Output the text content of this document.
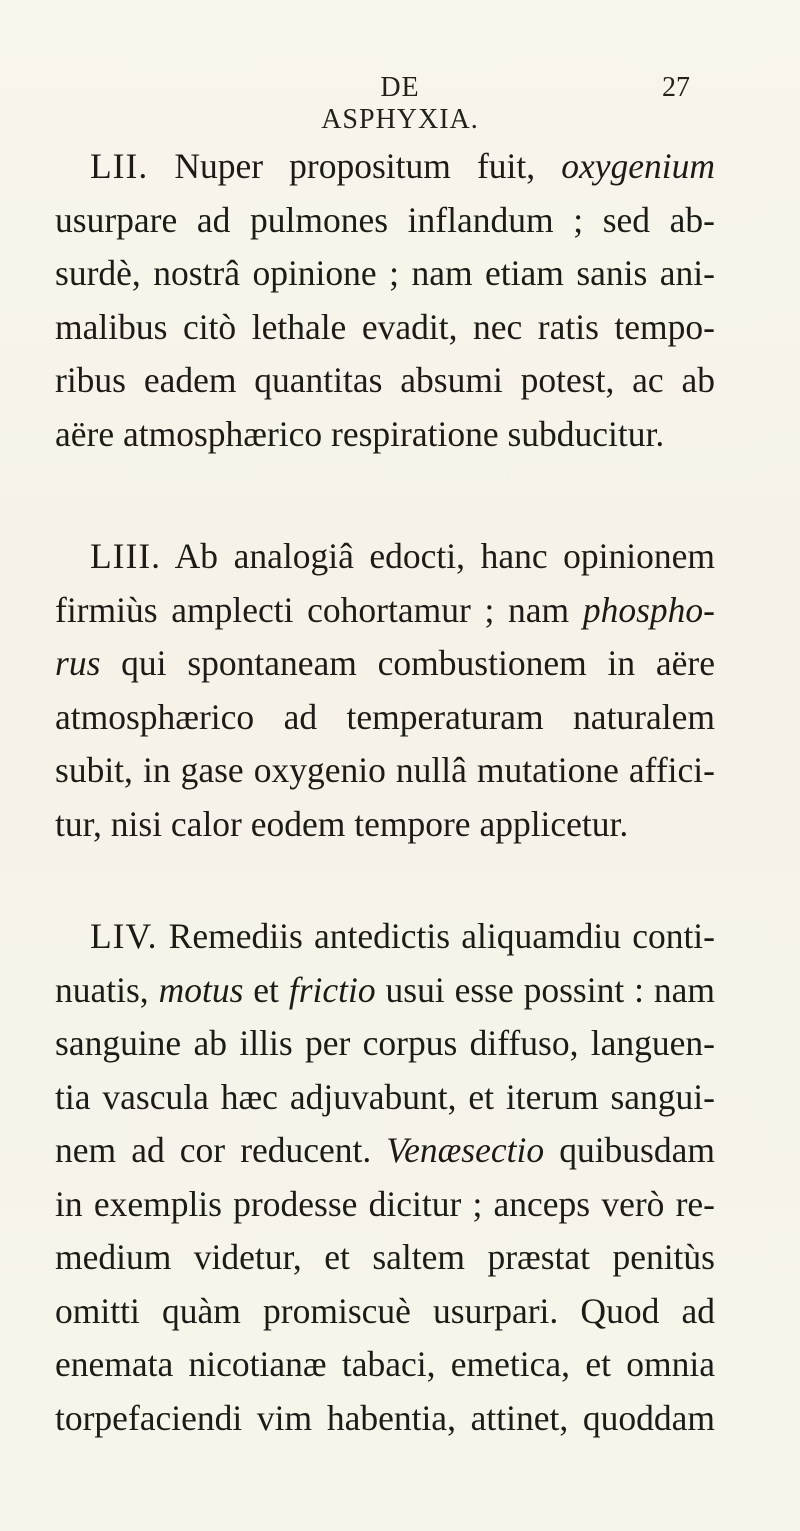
DE ASPHYXIA.
27
LII. Nuper propositum fuit, oxygenium
usurpare ad pulmones inflandum ; sed ab-
surdè, nostrâ opinione ; nam etiam sanis ani-
malibus citò lethale evadit, nec ratis tempo-
ribus eadem quantitas absumi potest, ac ab
aëre atmosphærico respiratione subducitur.
LIII. Ab analogiâ edocti, hanc opinionem
firmiùs amplecti cohortamur ; nam phospho-
rus qui spontaneam combustionem in aëre
atmosphærico ad temperaturam naturalem
subit, in gase oxygenio nullâ mutatione affici-
tur, nisi calor eodem tempore applicetur.
LIV. Remediis antedictis aliquamdiu conti-
nuatis, motus et frictio usui esse possint : nam
sanguine ab illis per corpus diffuso, languen-
tia vascula hæc adjuvabunt, et iterum sangui-
nem ad cor reducent. Venæsectio quibusdam
in exemplis prodesse dicitur ; anceps verò re-
medium videtur, et saltem præstat penitùs
omitti quàm promiscuè usurpari. Quod ad
enemata nicotianæ tabaci, emetica, et omnia
torpefaciendi vim habentia, attinet, quoddam
